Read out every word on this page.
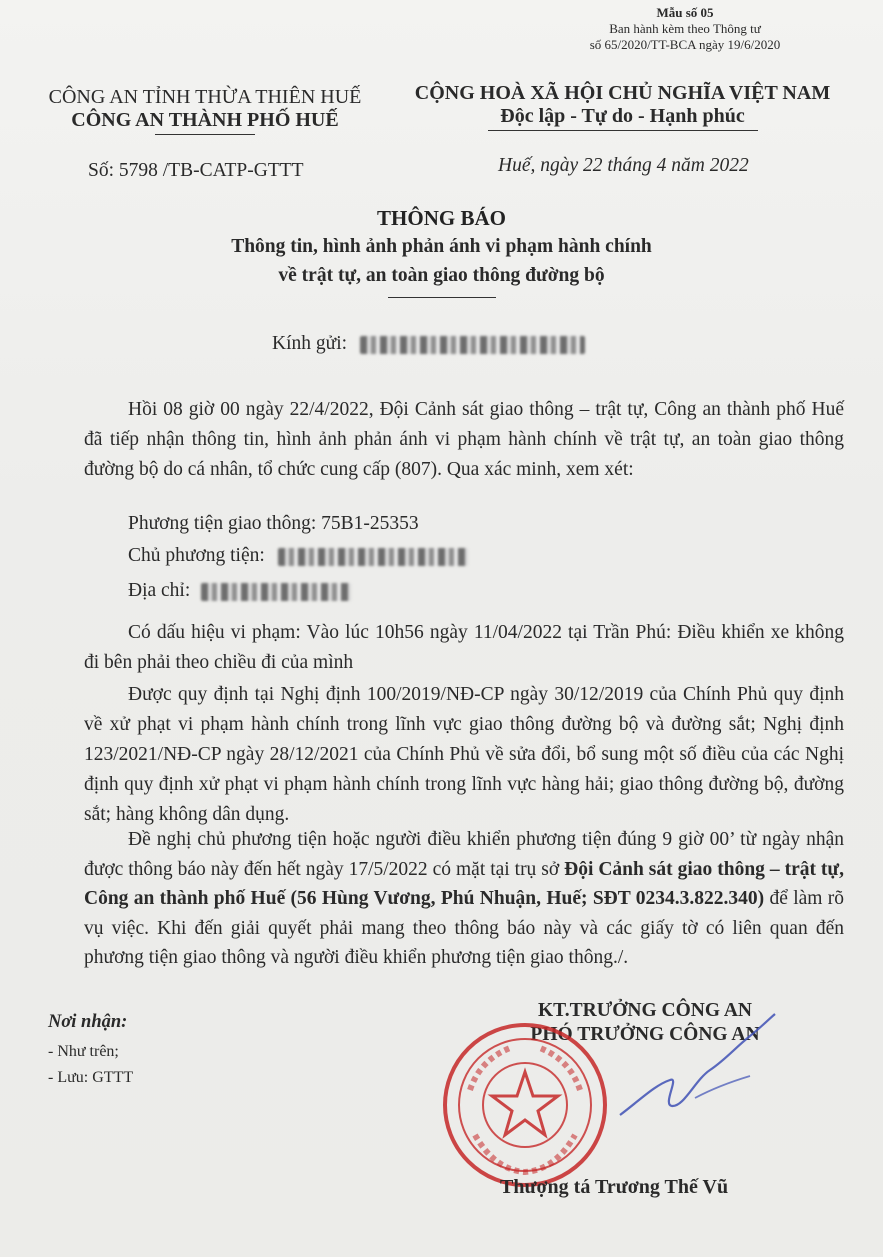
Mẫu số 05
Ban hành kèm theo Thông tư
số 65/2020/TT-BCA ngày 19/6/2020
CÔNG AN TỈNH THỪA THIÊN HUẾ
CÔNG AN THÀNH PHỐ HUẾ
CỘNG HOÀ XÃ HỘI CHỦ NGHĨA VIỆT NAM
Độc lập - Tự do - Hạnh phúc
Số: 5798 /TB-CATP-GTTT	Huế, ngày 22 tháng 4 năm 2022
THÔNG BÁO
Thông tin, hình ảnh phản ánh vi phạm hành chính
về trật tự, an toàn giao thông đường bộ
Kính gửi:
Hồi 08 giờ 00 ngày 22/4/2022, Đội Cảnh sát giao thông – trật tự, Công an thành phố Huế đã tiếp nhận thông tin, hình ảnh phản ánh vi phạm hành chính về trật tự, an toàn giao thông đường bộ do cá nhân, tổ chức cung cấp (807). Qua xác minh, xem xét:
Phương tiện giao thông: 75B1-25353
Chủ phương tiện:
Địa chỉ:
Có dấu hiệu vi phạm: Vào lúc 10h56 ngày 11/04/2022 tại Trần Phú: Điều khiển xe không đi bên phải theo chiều đi của mình
Được quy định tại Nghị định 100/2019/NĐ-CP ngày 30/12/2019 của Chính Phủ quy định về xử phạt vi phạm hành chính trong lĩnh vực giao thông đường bộ và đường sắt; Nghị định 123/2021/NĐ-CP ngày 28/12/2021 của Chính Phủ về sửa đổi, bổ sung một số điều của các Nghị định quy định xử phạt vi phạm hành chính trong lĩnh vực hàng hải; giao thông đường bộ, đường sắt; hàng không dân dụng.
Đề nghị chủ phương tiện hoặc người điều khiển phương tiện đúng 9 giờ 00’ từ ngày nhận được thông báo này đến hết ngày 17/5/2022 có mặt tại trụ sở Đội Cảnh sát giao thông – trật tự, Công an thành phố Huế (56 Hùng Vương, Phú Nhuận, Huế; SĐT 0234.3.822.340) để làm rõ vụ việc. Khi đến giải quyết phải mang theo thông báo này và các giấy tờ có liên quan đến phương tiện giao thông và người điều khiển phương tiện giao thông./.
Nơi nhận:
- Như trên;
- Lưu: GTTT
KT.TRƯỞNG CÔNG AN
PHÓ TRƯỞNG CÔNG AN
Thượng tá Trương Thế Vũ
